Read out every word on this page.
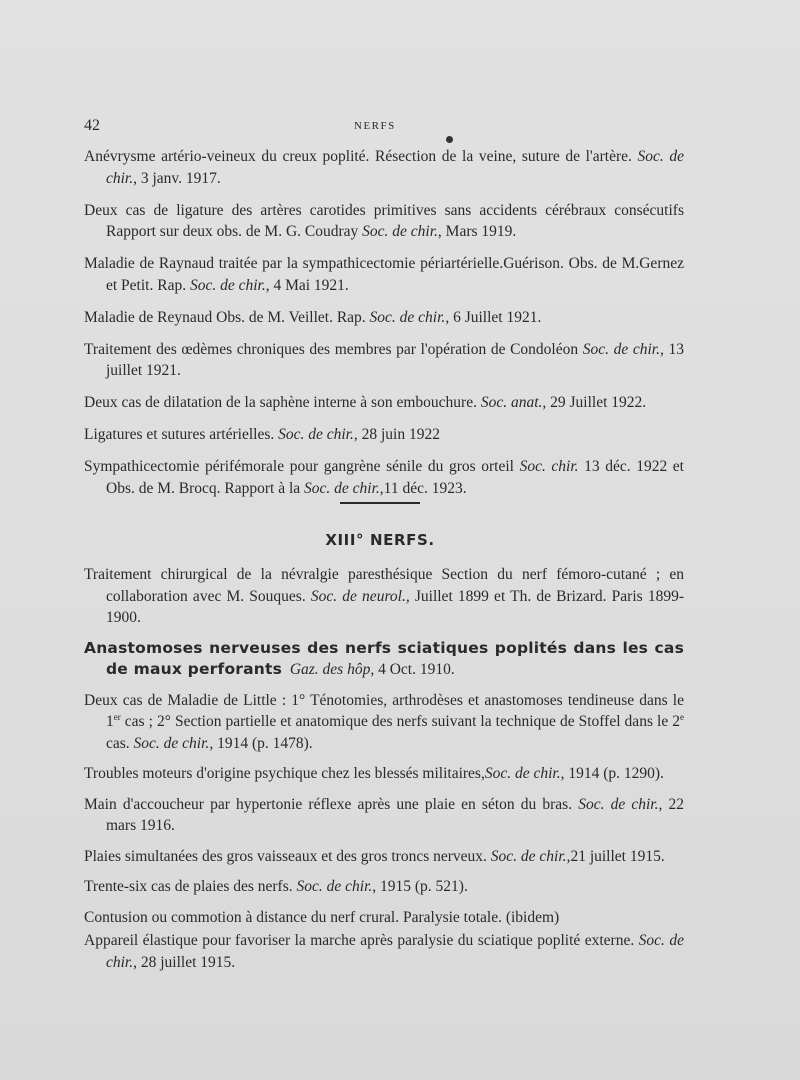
42	NERFS
Anévrysme artério-veineux du creux poplité. Résection de la veine, suture de l'artère. Soc. de chir., 3 janv. 1917.
Deux cas de ligature des artères carotides primitives sans accidents cérébraux consécutifs Rapport sur deux obs. de M. G. Coudray Soc. de chir., Mars 1919.
Maladie de Raynaud traitée par la sympathicectomie périartérielle.Guérison. Obs. de M.Gernez et Petit. Rap. Soc. de chir., 4 Mai 1921.
Maladie de Reynaud Obs. de M. Veillet. Rap. Soc. de chir., 6 Juillet 1921.
Traitement des œdèmes chroniques des membres par l'opération de Condoléon Soc. de chir., 13 juillet 1921.
Deux cas de dilatation de la saphène interne à son embouchure. Soc. anat., 29 Juillet 1922.
Ligatures et sutures artérielles. Soc. de chir., 28 juin 1922
Sympathicectomie périfémorale pour gangrène sénile du gros orteil Soc. chir. 13 déc. 1922 et Obs. de M. Brocq. Rapport à la Soc. de chir.,11 déc. 1923.
XIII° NERFS.
Traitement chirurgical de la névralgie paresthésique Section du nerf fémoro-cutané ; en collaboration avec M. Souques. Soc. de neurol., Juillet 1899 et Th. de Brizard. Paris 1899-1900.
Anastomoses nerveuses des nerfs sciatiques poplités dans les cas de maux perforants Gaz. des hôp, 4 Oct. 1910.
Deux cas de Maladie de Little : 1° Ténotomies, arthrodèses et anastomoses tendineuse dans le 1er cas ; 2° Section partielle et anatomique des nerfs suivant la technique de Stoffel dans le 2e cas. Soc. de chir., 1914 (p. 1478).
Troubles moteurs d'origine psychique chez les blessés militaires,Soc. de chir., 1914 (p. 1290).
Main d'accoucheur par hypertonie réflexe après une plaie en séton du bras. Soc. de chir., 22 mars 1916.
Plaies simultanées des gros vaisseaux et des gros troncs nerveux. Soc. de chir.,21 juillet 1915.
Trente-six cas de plaies des nerfs. Soc. de chir., 1915 (p. 521).
Contusion ou commotion à distance du nerf crural. Paralysie totale. (ibidem)
Appareil élastique pour favoriser la marche après paralysie du sciatique poplité externe. Soc. de chir., 28 juillet 1915.
